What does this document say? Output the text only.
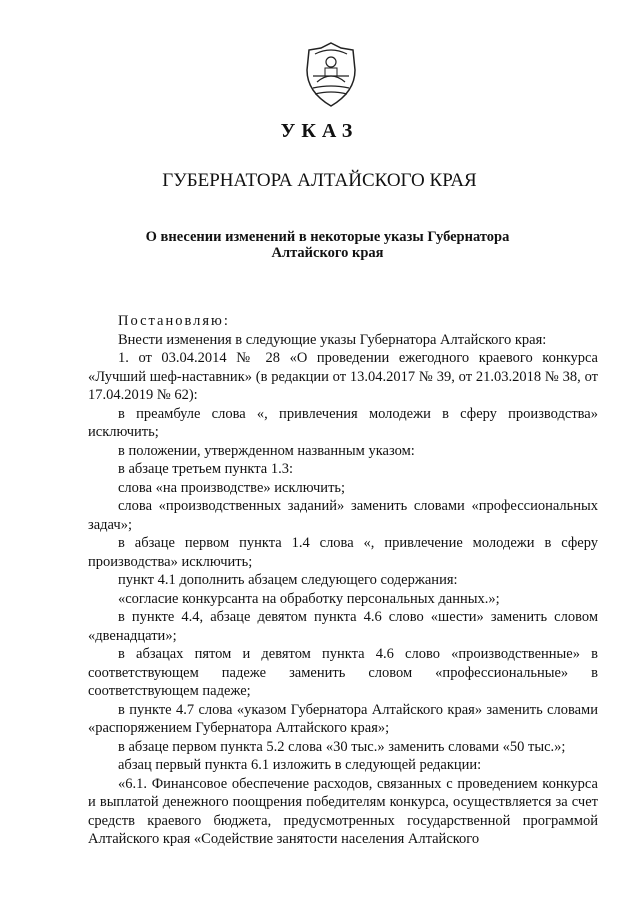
УКАЗ
ГУБЕРНАТОРА АЛТАЙСКОГО КРАЯ
О внесении изменений в некоторые указы Губернатора Алтайского края

Постановляю:

Внести изменения в следующие указы Губернатора Алтайского края:

1. от 03.04.2014 № 28 «О проведении ежегодного краевого конкурса «Лучший шеф-наставник» (в редакции от 13.04.2017 № 39, от 21.03.2018 № 38, от 17.04.2019 № 62):

в преамбуле слова «, привлечения молодежи в сферу производства» исключить;

в положении, утвержденном названным указом:

в абзаце третьем пункта 1.3:

слова «на производстве» исключить;

слова «производственных заданий» заменить словами «профессиональных задач»;

в абзаце первом пункта 1.4 слова «, привлечение молодежи в сферу производства» исключить;

пункт 4.1 дополнить абзацем следующего содержания:

«согласие конкурсанта на обработку персональных данных.»;

в пункте 4.4, абзаце девятом пункта 4.6 слово «шести» заменить словом «двенадцати»;

в абзацах пятом и девятом пункта 4.6 слово «производственные» в соответствующем падеже заменить словом «профессиональные» в соответствующем падеже;

в пункте 4.7 слова «указом Губернатора Алтайского края» заменить словами «распоряжением Губернатора Алтайского края»;

в абзаце первом пункта 5.2 слова «30 тыс.» заменить словами «50 тыс.»;

абзац первый пункта 6.1 изложить в следующей редакции:

«6.1. Финансовое обеспечение расходов, связанных с проведением конкурса и выплатой денежного поощрения победителям конкурса, осуществляется за счет средств краевого бюджета, предусмотренных государственной программой Алтайского края «Содействие занятости населения Алтайского
